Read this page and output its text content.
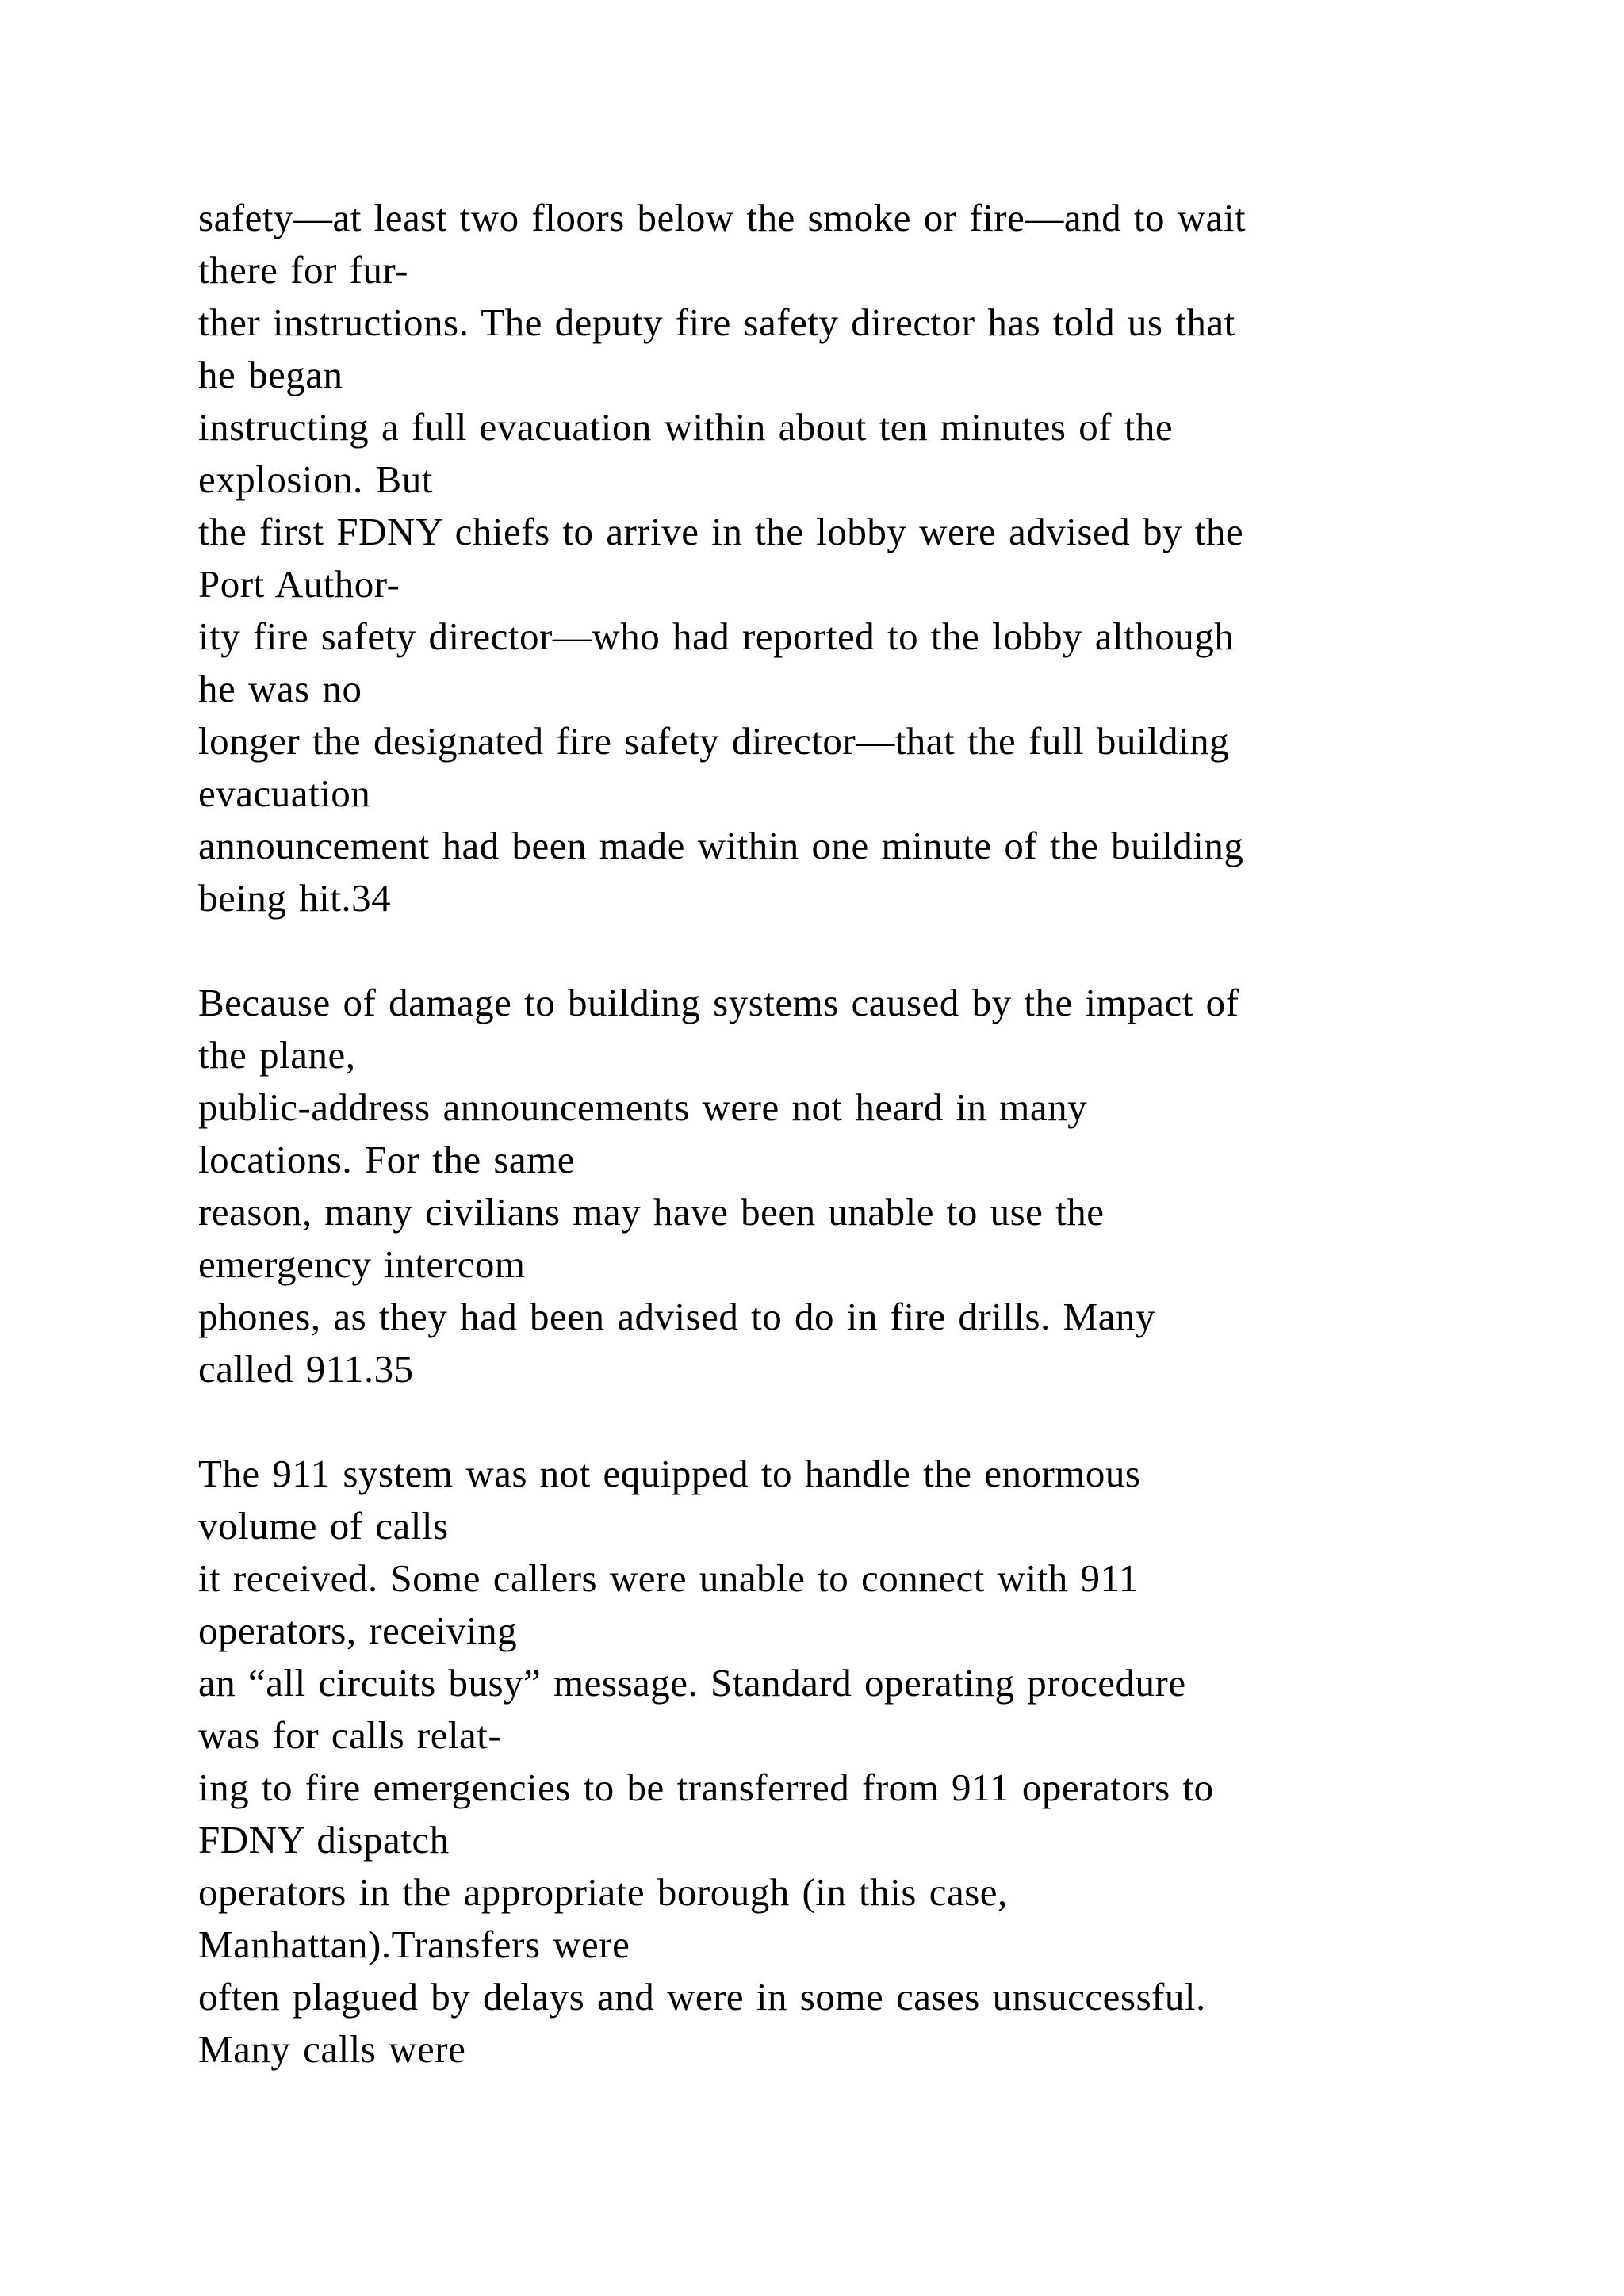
safety—at least two floors below the smoke or fire—and to wait
there for fur-
ther instructions. The deputy fire safety director has told us that
he began
instructing a full evacuation within about ten minutes of the
explosion. But
the first FDNY chiefs to arrive in the lobby were advised by the
Port Author-
ity fire safety director—who had reported to the lobby although
he was no
longer the designated fire safety director—that the full building
evacuation
announcement had been made within one minute of the building
being hit.34

Because of damage to building systems caused by the impact of
the plane,
public-address announcements were not heard in many
locations. For the same
reason, many civilians may have been unable to use the
emergency intercom
phones, as they had been advised to do in fire drills. Many
called 911.35

The 911 system was not equipped to handle the enormous
volume of calls
it received. Some callers were unable to connect with 911
operators, receiving
an “all circuits busy” message. Standard operating procedure
was for calls relat-
ing to fire emergencies to be transferred from 911 operators to
FDNY dispatch
operators in the appropriate borough (in this case,
Manhattan).Transfers were
often plagued by delays and were in some cases unsuccessful.
Many calls were
